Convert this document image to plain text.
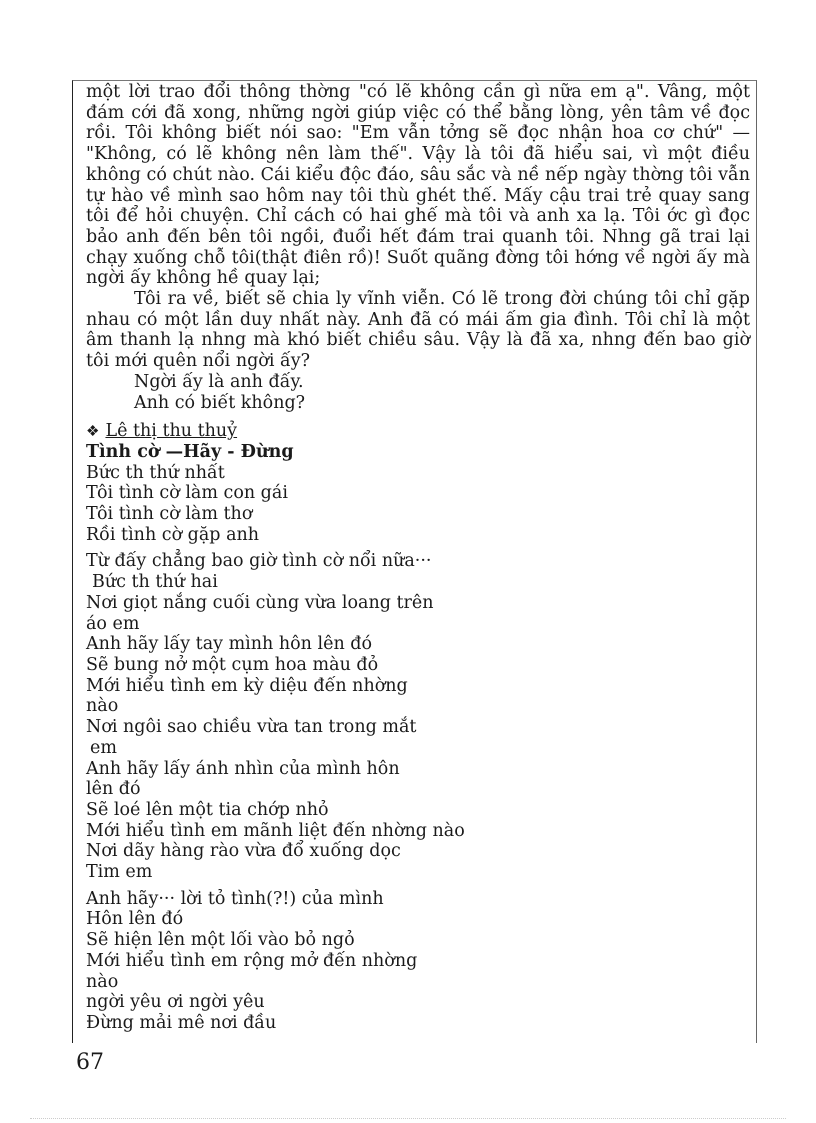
một lời trao đổi thông thờng "có lẽ không cần gì nữa em ạ". Vâng, một đám cới đã xong, những ngời giúp việc có thể bằng lòng, yên tâm về đọc rồi. Tôi không biết nói sao: "Em vẫn tởng sẽ đọc nhận hoa cơ chứ" — "Không, có lẽ không nên làm thế". Vậy là tôi đã hiểu sai, vì một điều không có chút nào. Cái kiểu độc đáo, sâu sắc và nề nếp ngày thờng tôi vẫn tự hào về mình sao hôm nay tôi thù ghét thế. Mấy cậu trai trẻ quay sang tôi để hỏi chuyện. Chỉ cách có hai ghế mà tôi và anh xa lạ. Tôi ớc gì đọc bảo anh đến bên tôi ngồi, đuổi hết đám trai quanh tôi. Nhng gã trai lại chạy xuống chỗ tôi(thật điên rồ)! Suốt quãng đờng tôi hớng về ngời ấy mà ngời ấy không hề quay lại;

Tôi ra về, biết sẽ chia ly vĩnh viễn. Có lẽ trong đời chúng tôi chỉ gặp nhau có một lần duy nhất này. Anh đã có mái ấm gia đình. Tôi chỉ là một âm thanh lạ nhng mà khó biết chiều sâu. Vậy là đã xa, nhng đến bao giờ tôi mới quên nổi ngời ấy?

Ngời ấy là anh đấy.

Anh có biết không?

❖ Lê thị thu thuỷ

Tình cờ —Hãy - Đừng

Bức th thứ nhất
Tôi tình cờ làm con gái
Tôi tình cờ làm thơ
Rồi tình cờ gặp anh
Từ đấy chẳng bao giờ tình cờ nổi nữa···
Bức th thứ hai
Nơi giọt nắng cuối cùng vừa loang trên
áo em
Anh hãy lấy tay mình hôn lên đó
Sẽ bung nở một cụm hoa màu đỏ
Mới hiểu tình em kỳ diệu đến nhờng
nào
Nơi ngôi sao chiều vừa tan trong mắt
em
Anh hãy lấy ánh nhìn của mình hôn
lên đó
Sẽ loé lên một tia chớp nhỏ
Mới hiểu tình em mãnh liệt đến nhờng nào
Nơi dãy hàng rào vừa đổ xuống dọc
Tim em
Anh hãy··· lời tỏ tình(?!) của mình
Hôn lên đó
Sẽ hiện lên một lối vào bỏ ngỏ
Mới hiểu tình em rộng mở đến nhờng
nào
ngời yêu ơi ngời yêu
Đừng mải mê nơi đầu
67
